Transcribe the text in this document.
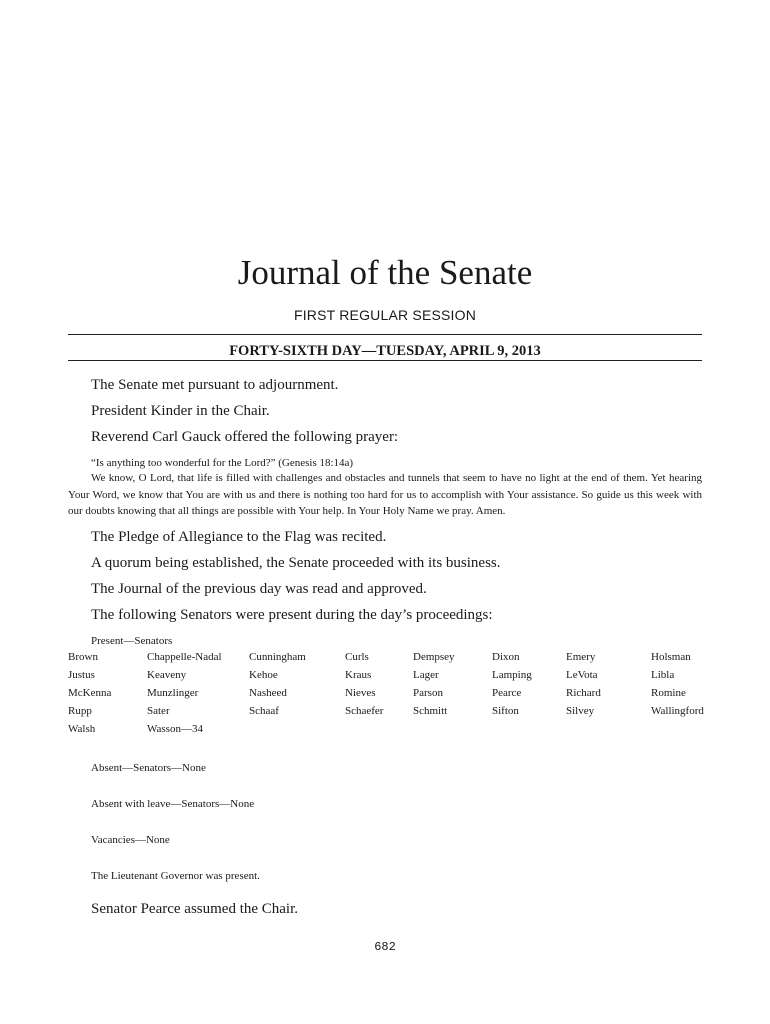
Journal of the Senate
FIRST REGULAR SESSION
FORTY-SIXTH DAY—TUESDAY, APRIL 9, 2013
The Senate met pursuant to adjournment.
President Kinder in the Chair.
Reverend Carl Gauck offered the following prayer:
“Is anything too wonderful for the Lord?” (Genesis 18:14a)
We know, O Lord, that life is filled with challenges and obstacles and tunnels that seem to have no light at the end of them. Yet hearing Your Word, we know that You are with us and there is nothing too hard for us to accomplish with Your assistance. So guide us this week with our doubts knowing that all things are possible with Your help. In Your Holy Name we pray. Amen.
The Pledge of Allegiance to the Flag was recited.
A quorum being established, the Senate proceeded with its business.
The Journal of the previous day was read and approved.
The following Senators were present during the day’s proceedings:
Present—Senators
Brown	Chappelle-Nadal	Cunningham	Curls	Dempsey	Dixon	Emery	Holsman
Justus	Keaveny	Kehoe	Kraus	Lager	Lamping	LeVota	Libla
McKenna	Munzlinger	Nasheed	Nieves	Parson	Pearce	Richard	Romine
Rupp	Sater	Schaaf	Schaefer	Schmitt	Sifton	Silvey	Wallingford
Walsh	Wasson—34						
Absent—Senators—None
Absent with leave—Senators—None
Vacancies—None
The Lieutenant Governor was present.
Senator Pearce assumed the Chair.
682
